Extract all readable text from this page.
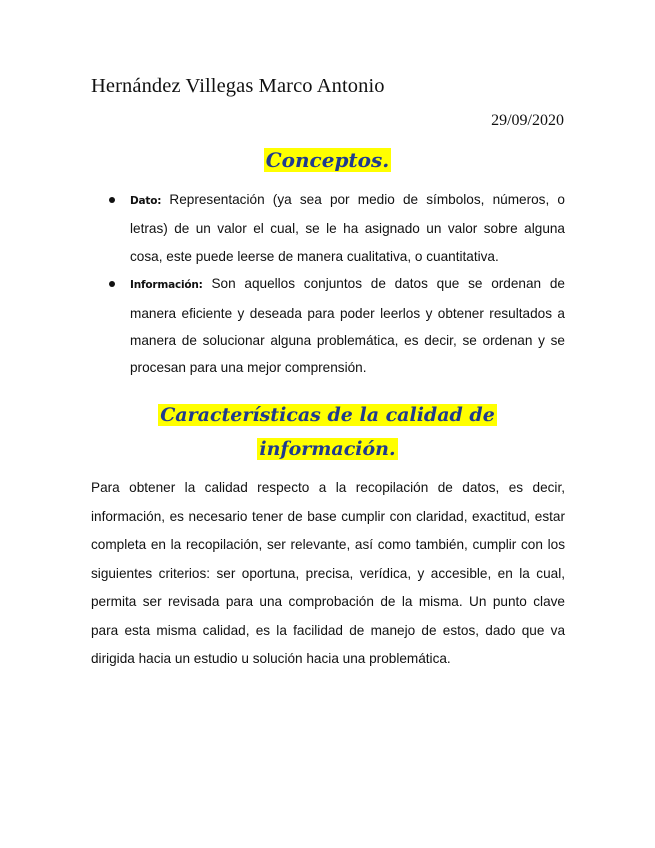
Hernández Villegas Marco Antonio
29/09/2020
Conceptos.
Dato: Representación (ya sea por medio de símbolos, números, o letras) de un valor el cual, se le ha asignado un valor sobre alguna cosa, este puede leerse de manera cualitativa, o cuantitativa.
Información: Son aquellos conjuntos de datos que se ordenan de manera eficiente y deseada para poder leerlos y obtener resultados a manera de solucionar alguna problemática, es decir, se ordenan y se procesan para una mejor comprensión.
Características de la calidad de
información.

Para obtener la calidad respecto a la recopilación de datos, es decir, información, es necesario tener de base cumplir con claridad, exactitud, estar completa en la recopilación, ser relevante, así como también, cumplir con los siguientes criterios: ser oportuna, precisa, verídica, y accesible, en la cual, permita ser revisada para una comprobación de la misma. Un punto clave para esta misma calidad, es la facilidad de manejo de estos, dado que va dirigida hacia un estudio u solución hacia una problemática.
